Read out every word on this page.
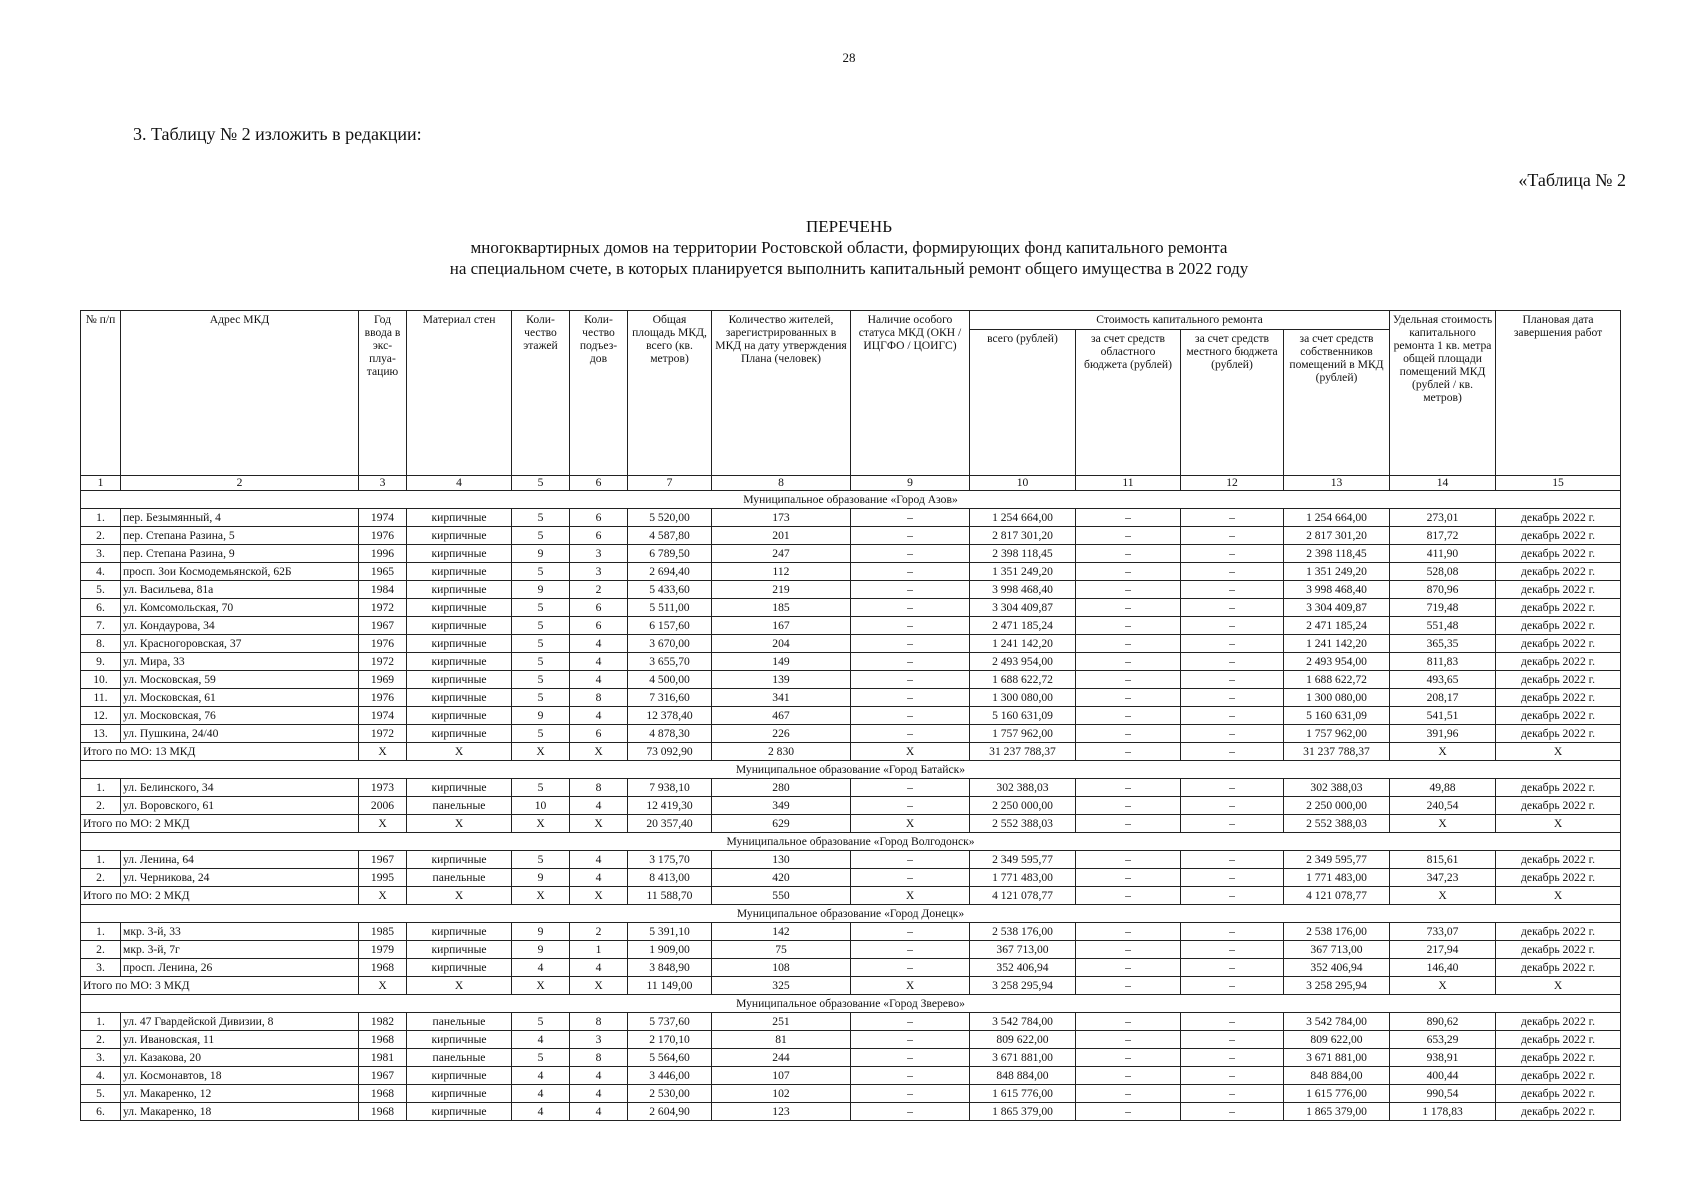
28
3. Таблицу № 2 изложить в редакции:
«Таблица № 2
ПЕРЕЧЕНЬ
многоквартирных домов на территории Ростовской области, формирующих фонд капитального ремонта
на специальном счете, в которых планируется выполнить капитальный ремонт общего имущества в 2022 году
№ п/п	Адрес МКД	Год ввода в экс-плуа-тацию	Материал стен	Коли-чество этажей	Коли-чество подъез-дов	Общая площадь МКД, всего (кв. метров)	Количество жителей, зарегистрированных в МКД на дату утверждения Плана (человек)	Наличие особого статуса МКД (ОКН / ИЦГФО / ЦОИГС)	Стоимость капитального ремонта				Удельная стоимость капитального ремонта 1 кв. метра общей площади помещений МКД (рублей / кв. метров)	Плановая дата завершения работ
									всего (рублей)	за счет средств областного бюджета (рублей)	за счет средств местного бюджета (рублей)	за счет средств собственников помещений в МКД (рублей)		
1	2	3	4	5	6	7	8	9	10	11	12	13	14	15
Муниципальное образование «Город Азов»														
1.	пер. Безымянный, 4	1974	кирпичные	5	6	5 520,00	173	–	1 254 664,00	–	–	1 254 664,00	273,01	декабрь 2022 г.
2.	пер. Степана Разина, 5	1976	кирпичные	5	6	4 587,80	201	–	2 817 301,20	–	–	2 817 301,20	817,72	декабрь 2022 г.
3.	пер. Степана Разина, 9	1996	кирпичные	9	3	6 789,50	247	–	2 398 118,45	–	–	2 398 118,45	411,90	декабрь 2022 г.
4.	просп. Зои Космодемьянской, 62Б	1965	кирпичные	5	3	2 694,40	112	–	1 351 249,20	–	–	1 351 249,20	528,08	декабрь 2022 г.
5.	ул. Васильева, 81а	1984	кирпичные	9	2	5 433,60	219	–	3 998 468,40	–	–	3 998 468,40	870,96	декабрь 2022 г.
6.	ул. Комсомольская, 70	1972	кирпичные	5	6	5 511,00	185	–	3 304 409,87	–	–	3 304 409,87	719,48	декабрь 2022 г.
7.	ул. Кондаурова, 34	1967	кирпичные	5	6	6 157,60	167	–	2 471 185,24	–	–	2 471 185,24	551,48	декабрь 2022 г.
8.	ул. Красногоровская, 37	1976	кирпичные	5	4	3 670,00	204	–	1 241 142,20	–	–	1 241 142,20	365,35	декабрь 2022 г.
9.	ул. Мира, 33	1972	кирпичные	5	4	3 655,70	149	–	2 493 954,00	–	–	2 493 954,00	811,83	декабрь 2022 г.
10.	ул. Московская, 59	1969	кирпичные	5	4	4 500,00	139	–	1 688 622,72	–	–	1 688 622,72	493,65	декабрь 2022 г.
11.	ул. Московская, 61	1976	кирпичные	5	8	7 316,60	341	–	1 300 080,00	–	–	1 300 080,00	208,17	декабрь 2022 г.
12.	ул. Московская, 76	1974	кирпичные	9	4	12 378,40	467	–	5 160 631,09	–	–	5 160 631,09	541,51	декабрь 2022 г.
13.	ул. Пушкина, 24/40	1972	кирпичные	5	6	4 878,30	226	–	1 757 962,00	–	–	1 757 962,00	391,96	декабрь 2022 г.
Итого по МО: 13 МКД		X	X	X	X	73 092,90	2 830	X	31 237 788,37	–	–	31 237 788,37	X	X
Муниципальное образование «Город Батайск»														
1.	ул. Белинского, 34	1973	кирпичные	5	8	7 938,10	280	–	302 388,03	–	–	302 388,03	49,88	декабрь 2022 г.
2.	ул. Воровского, 61	2006	панельные	10	4	12 419,30	349	–	2 250 000,00	–	–	2 250 000,00	240,54	декабрь 2022 г.
Итого по МО: 2 МКД		X	X	X	X	20 357,40	629	X	2 552 388,03	–	–	2 552 388,03	X	X
Муниципальное образование «Город Волгодонск»														
1.	ул. Ленина, 64	1967	кирпичные	5	4	3 175,70	130	–	2 349 595,77	–	–	2 349 595,77	815,61	декабрь 2022 г.
2.	ул. Черникова, 24	1995	панельные	9	4	8 413,00	420	–	1 771 483,00	–	–	1 771 483,00	347,23	декабрь 2022 г.
Итого по МО: 2 МКД		X	X	X	X	11 588,70	550	X	4 121 078,77	–	–	4 121 078,77	X	X
Муниципальное образование «Город Донецк»														
1.	мкр. 3-й, 33	1985	кирпичные	9	2	5 391,10	142	–	2 538 176,00	–	–	2 538 176,00	733,07	декабрь 2022 г.
2.	мкр. 3-й, 7г	1979	кирпичные	9	1	1 909,00	75	–	367 713,00	–	–	367 713,00	217,94	декабрь 2022 г.
3.	просп. Ленина, 26	1968	кирпичные	4	4	3 848,90	108	–	352 406,94	–	–	352 406,94	146,40	декабрь 2022 г.
Итого по МО: 3 МКД		X	X	X	X	11 149,00	325	X	3 258 295,94	–	–	3 258 295,94	X	X
Муниципальное образование «Город Зверево»														
1.	ул. 47 Гвардейской Дивизии, 8	1982	панельные	5	8	5 737,60	251	–	3 542 784,00	–	–	3 542 784,00	890,62	декабрь 2022 г.
2.	ул. Ивановская, 11	1968	кирпичные	4	3	2 170,10	81	–	809 622,00	–	–	809 622,00	653,29	декабрь 2022 г.
3.	ул. Казакова, 20	1981	панельные	5	8	5 564,60	244	–	3 671 881,00	–	–	3 671 881,00	938,91	декабрь 2022 г.
4.	ул. Космонавтов, 18	1967	кирпичные	4	4	3 446,00	107	–	848 884,00	–	–	848 884,00	400,44	декабрь 2022 г.
5.	ул. Макаренко, 12	1968	кирпичные	4	4	2 530,00	102	–	1 615 776,00	–	–	1 615 776,00	990,54	декабрь 2022 г.
6.	ул. Макаренко, 18	1968	кирпичные	4	4	2 604,90	123	–	1 865 379,00	–	–	1 865 379,00	1 178,83	декабрь 2022 г.
